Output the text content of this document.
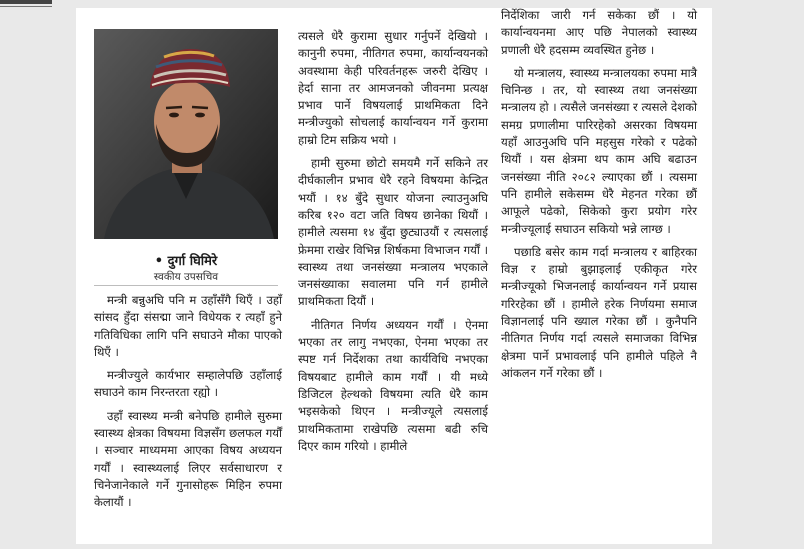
• दुर्गा घिमिरे
स्वकीय उपसचिव

मन्त्री बन्नुअघि पनि म उहाँसँगै थिएँ । उहाँ सांसद हुँदा संसद्मा जाने विधेयक र त्यहाँ हुने गतिविधिका लागि पनि सघाउने मौका पाएको थिएँ ।

मन्त्रीज्युले कार्यभार सम्हालेपछि उहाँलाई सघाउने काम निरन्तरता रह्यो ।

उहाँ स्वास्थ्य मन्त्री बनेपछि हामीले सुरुमा स्वास्थ्य क्षेत्रका विषयमा विज्ञसँग छलफल गर्यौं । सञ्चार माध्यममा आएका विषय अध्ययन गर्यौं । स्वास्थ्यलाई लिएर सर्वसाधारण र चिनेजानेकाले गर्ने गुनासोहरू मिहिन रुपमा केलायौं ।

त्यसले धेरै कुरामा सुधार गर्नुपर्ने देखियो । कानुनी रुपमा, नीतिगत रुपमा, कार्यान्वयनको अवस्थामा केही परिवर्तनहरू जरुरी देखिए । हेर्दा साना तर आमजनको जीवनमा प्रत्यक्ष प्रभाव पार्ने विषयलाई प्राथमिकता दिने मन्त्रीज्युको सोचलाई कार्यान्वयन गर्ने कुरामा हाम्रो टिम सक्रिय भयो ।

हामी सुरुमा छोटो समयमै गर्ने सकिने तर दीर्घकालीन प्रभाव धेरै रहने विषयमा केन्द्रित भयौं । १४ बुँदे सुधार योजना ल्याउनुअघि करिब १२० वटा जति विषय छानेका थियौं । हामीले त्यसमा १४ बुँदा छुट्याउयौं र त्यसलाई फ्रेममा राखेर विभिन्न शिर्षकमा विभाजन गर्यौं । स्वास्थ्य तथा जनसंख्या मन्त्रालय भएकाले जनसंख्याका सवालमा पनि गर्न हामीले प्राथमिकता दियौं ।

नीतिगत निर्णय अध्ययन गर्यौं । ऐनमा भएका तर लागु नभएका, ऐनमा भएका तर स्पष्ट गर्न निर्देशका तथा कार्यविधि नभएका विषयबाट हामीले काम गर्यौं । यी मध्ये डिजिटल हेल्थको विषयमा त्यति धेरै काम भइसकेको थिएन । मन्त्रीज्यूले त्यसलाई प्राथमिकतामा राखेपछि त्यसमा बढी रुचि दिएर काम गरियो । हामीले

निर्देशिका जारी गर्न सकेका छौं । यो कार्यान्वयनमा आए पछि नेपालको स्वास्थ्य प्रणाली धेरै हदसम्म व्यवस्थित हुनेछ ।

यो मन्त्रालय, स्वास्थ्य मन्त्रालयका रुपमा मात्रै चिनिन्छ । तर, यो स्वास्थ्य तथा जनसंख्या मन्त्रालय हो । त्यसैले जनसंख्या र त्यसले देशको समग्र प्रणालीमा पारिरहेको असरका विषयमा यहाँ आउनुअघि पनि महसुस गरेको र पढेको थियौं । यस क्षेत्रमा थप काम अघि बढाउन जनसंख्या नीति २०८२ ल्याएका छौं । त्यसमा पनि हामीले सकेसम्म धेरै मेहनत गरेका छौं आफूले पढेको, सिकेको कुरा प्रयोग गरेर मन्त्रीज्यूलाई सघाउन सकियो भन्ने लाग्छ ।

पछाडि बसेर काम गर्दा मन्त्रालय र बाहिरका विज्ञ र हाम्रो बुझाइलाई एकीकृत गरेर मन्त्रीज्यूको भिजनलाई कार्यान्वयन गर्ने प्रयास गरिरहेका छौं । हामीले हरेक निर्णयमा समाज विज्ञानलाई पनि ख्याल गरेका छौं । कुनैपनि नीतिगत निर्णय गर्दा त्यसले समाजका विभिन्न क्षेत्रमा पार्ने प्रभावलाई पनि हामीले पहिले नै आंकलन गर्ने गरेका छौं ।
